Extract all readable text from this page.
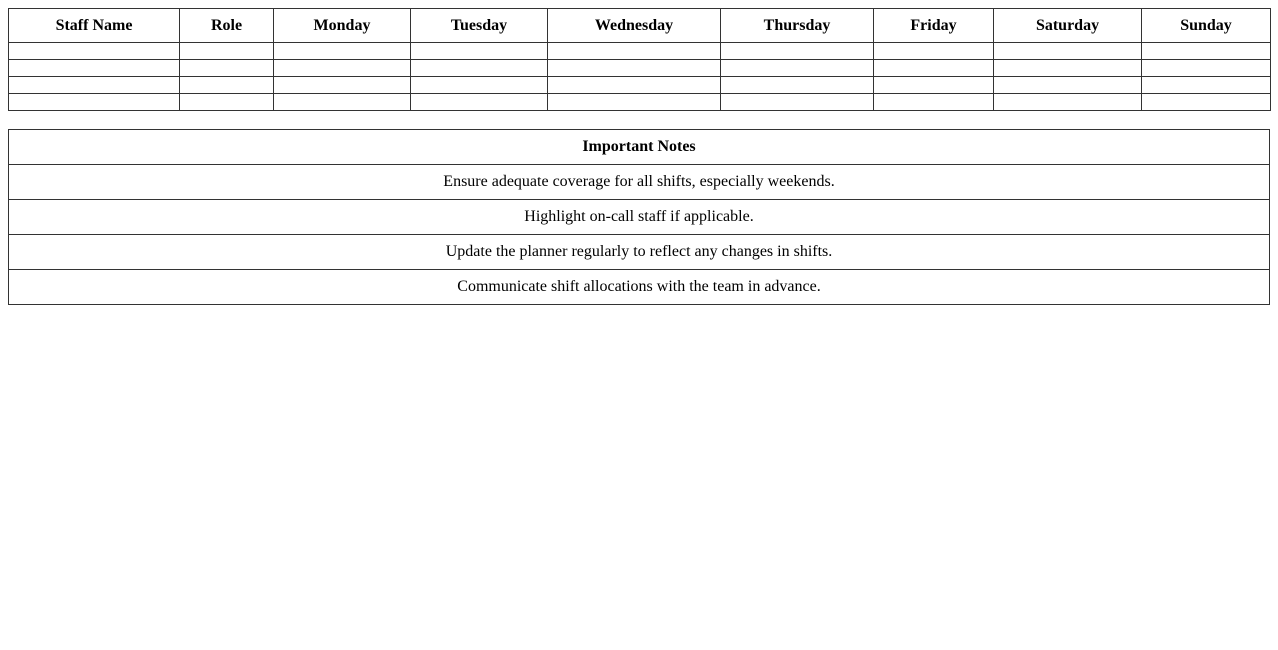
Staff Name	Role	Monday	Tuesday	Wednesday	Thursday	Friday	Saturday	Sunday

Important Notes
Ensure adequate coverage for all shifts, especially weekends.
Highlight on-call staff if applicable.
Update the planner regularly to reflect any changes in shifts.
Communicate shift allocations with the team in advance.
